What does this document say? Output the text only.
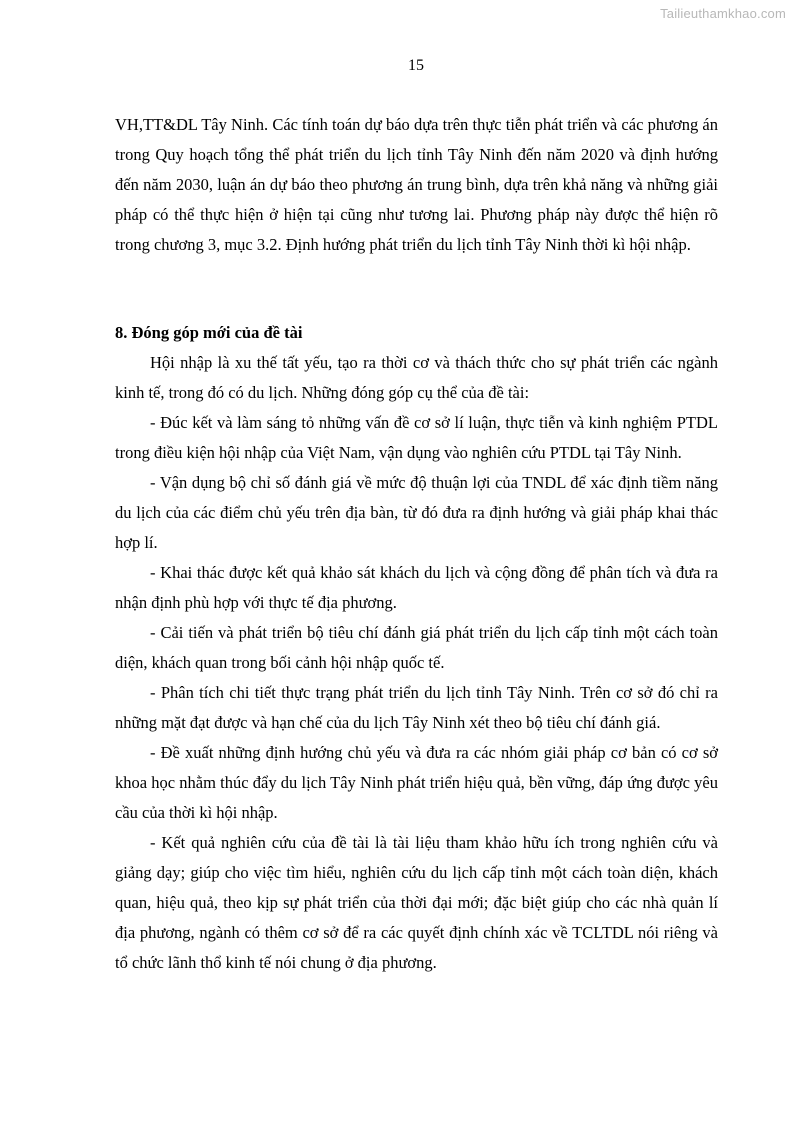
Tailieuthamkhao.com
15

VH,TT&DL Tây Ninh. Các tính toán dự báo dựa trên thực tiễn phát triển và các phương án trong Quy hoạch tổng thể phát triển du lịch tỉnh Tây Ninh đến năm 2020 và định hướng đến năm 2030, luận án dự báo theo phương án trung bình, dựa trên khả năng và những giải pháp có thể thực hiện ở hiện tại cũng như tương lai. Phương pháp này được thể hiện rõ trong chương 3, mục 3.2. Định hướng phát triển du lịch tỉnh Tây Ninh thời kì hội nhập.

8. Đóng góp mới của đề tài

Hội nhập là xu thế tất yếu, tạo ra thời cơ và thách thức cho sự phát triển các ngành kinh tế, trong đó có du lịch. Những đóng góp cụ thể của đề tài:

- Đúc kết và làm sáng tỏ những vấn đề cơ sở lí luận, thực tiễn và kinh nghiệm PTDL trong điều kiện hội nhập của Việt Nam, vận dụng vào nghiên cứu PTDL tại Tây Ninh.

- Vận dụng bộ chỉ số đánh giá về mức độ thuận lợi của TNDL để xác định tiềm năng du lịch của các điểm chủ yếu trên địa bàn, từ đó đưa ra định hướng và giải pháp khai thác hợp lí.

- Khai thác được kết quả khảo sát khách du lịch và cộng đồng để phân tích và đưa ra nhận định phù hợp với thực tế địa phương.

- Cải tiến và phát triển bộ tiêu chí đánh giá phát triển du lịch cấp tỉnh một cách toàn diện, khách quan trong bối cảnh hội nhập quốc tế.

- Phân tích chi tiết thực trạng phát triển du lịch tỉnh Tây Ninh. Trên cơ sở đó chỉ ra những mặt đạt được và hạn chế của du lịch Tây Ninh xét theo bộ tiêu chí đánh giá.

- Đề xuất những định hướng chủ yếu và đưa ra các nhóm giải pháp cơ bản có cơ sở khoa học nhằm thúc đẩy du lịch Tây Ninh phát triển hiệu quả, bền vững, đáp ứng được yêu cầu của thời kì hội nhập.

- Kết quả nghiên cứu của đề tài là tài liệu tham khảo hữu ích trong nghiên cứu và giảng dạy; giúp cho việc tìm hiểu, nghiên cứu du lịch cấp tỉnh một cách toàn diện, khách quan, hiệu quả, theo kịp sự phát triển của thời đại mới; đặc biệt giúp cho các nhà quản lí địa phương, ngành có thêm cơ sở để ra các quyết định chính xác về TCLTDL nói riêng và tổ chức lãnh thổ kinh tế nói chung ở địa phương.
